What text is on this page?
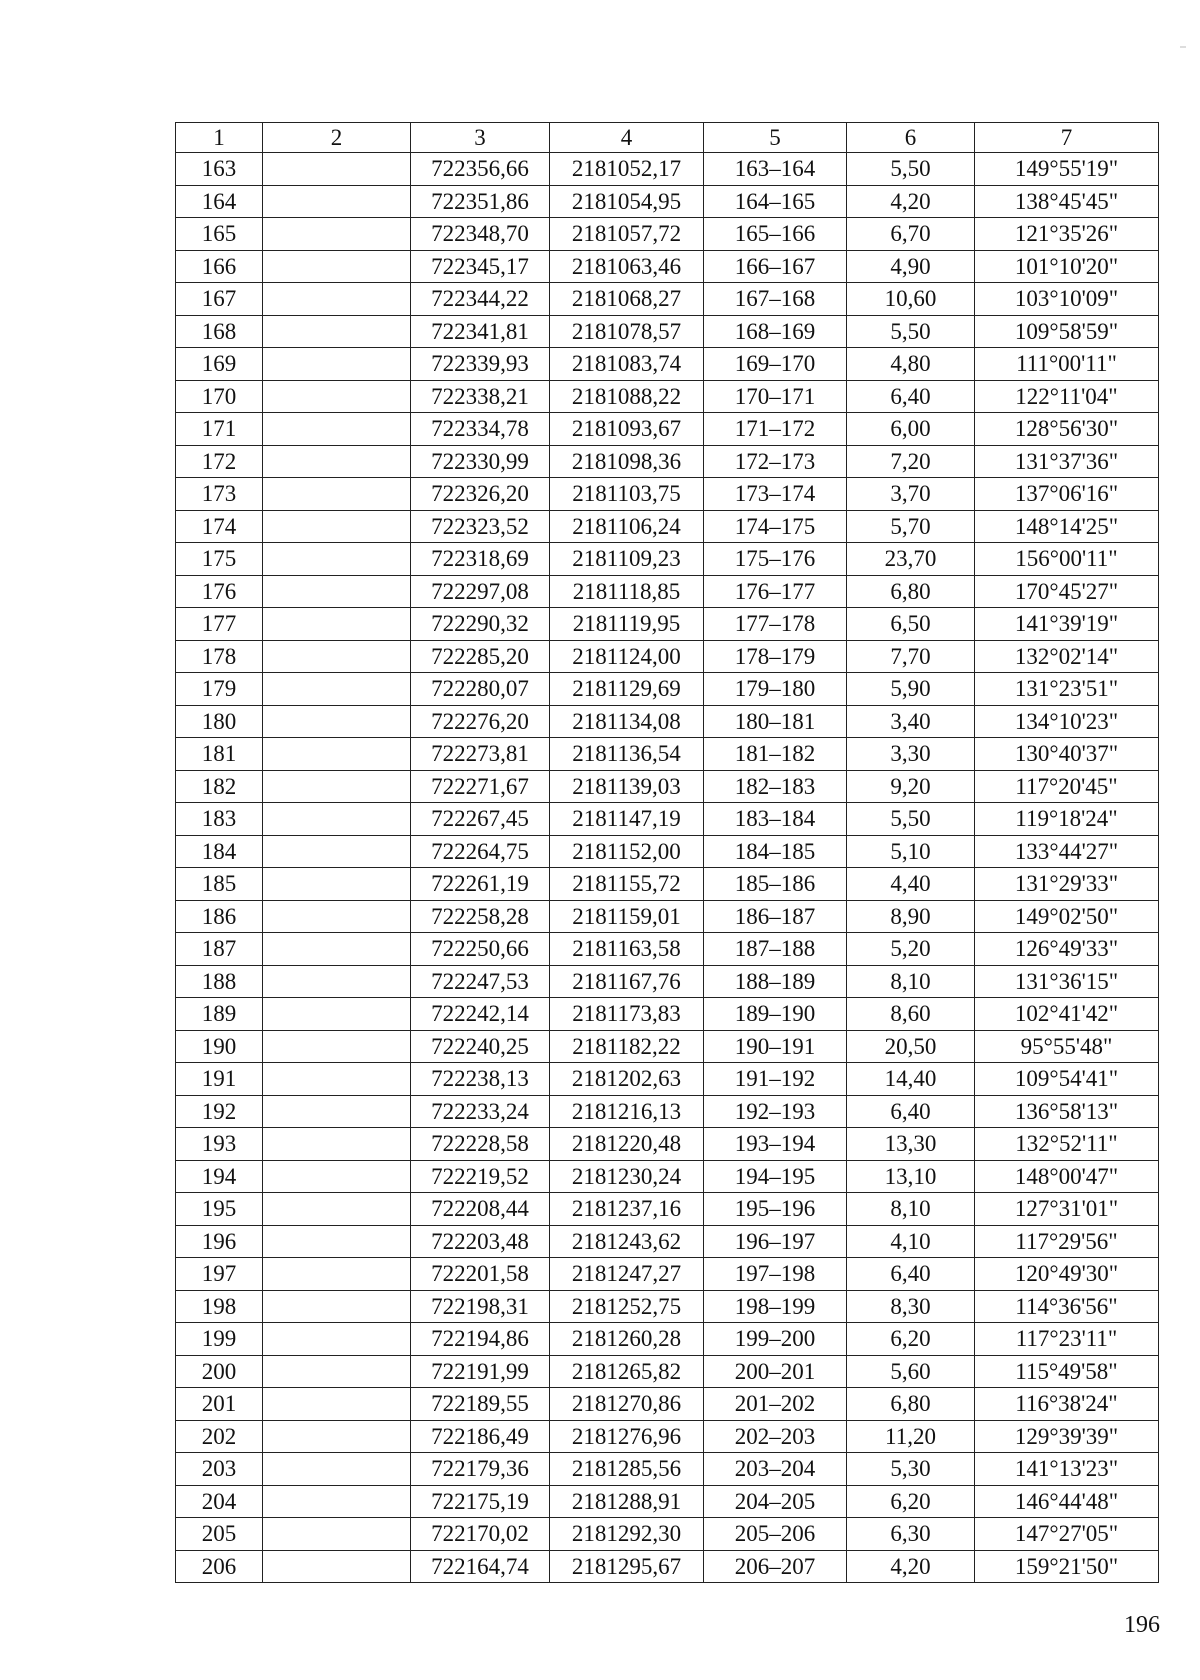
1	2	3	4	5	6	7
163		722356,66	2181052,17	163–164	5,50	149°55'19"
164		722351,86	2181054,95	164–165	4,20	138°45'45"
165		722348,70	2181057,72	165–166	6,70	121°35'26"
166		722345,17	2181063,46	166–167	4,90	101°10'20"
167		722344,22	2181068,27	167–168	10,60	103°10'09"
168		722341,81	2181078,57	168–169	5,50	109°58'59"
169		722339,93	2181083,74	169–170	4,80	111°00'11"
170		722338,21	2181088,22	170–171	6,40	122°11'04"
171		722334,78	2181093,67	171–172	6,00	128°56'30"
172		722330,99	2181098,36	172–173	7,20	131°37'36"
173		722326,20	2181103,75	173–174	3,70	137°06'16"
174		722323,52	2181106,24	174–175	5,70	148°14'25"
175		722318,69	2181109,23	175–176	23,70	156°00'11"
176		722297,08	2181118,85	176–177	6,80	170°45'27"
177		722290,32	2181119,95	177–178	6,50	141°39'19"
178		722285,20	2181124,00	178–179	7,70	132°02'14"
179		722280,07	2181129,69	179–180	5,90	131°23'51"
180		722276,20	2181134,08	180–181	3,40	134°10'23"
181		722273,81	2181136,54	181–182	3,30	130°40'37"
182		722271,67	2181139,03	182–183	9,20	117°20'45"
183		722267,45	2181147,19	183–184	5,50	119°18'24"
184		722264,75	2181152,00	184–185	5,10	133°44'27"
185		722261,19	2181155,72	185–186	4,40	131°29'33"
186		722258,28	2181159,01	186–187	8,90	149°02'50"
187		722250,66	2181163,58	187–188	5,20	126°49'33"
188		722247,53	2181167,76	188–189	8,10	131°36'15"
189		722242,14	2181173,83	189–190	8,60	102°41'42"
190		722240,25	2181182,22	190–191	20,50	95°55'48"
191		722238,13	2181202,63	191–192	14,40	109°54'41"
192		722233,24	2181216,13	192–193	6,40	136°58'13"
193		722228,58	2181220,48	193–194	13,30	132°52'11"
194		722219,52	2181230,24	194–195	13,10	148°00'47"
195		722208,44	2181237,16	195–196	8,10	127°31'01"
196		722203,48	2181243,62	196–197	4,10	117°29'56"
197		722201,58	2181247,27	197–198	6,40	120°49'30"
198		722198,31	2181252,75	198–199	8,30	114°36'56"
199		722194,86	2181260,28	199–200	6,20	117°23'11"
200		722191,99	2181265,82	200–201	5,60	115°49'58"
201		722189,55	2181270,86	201–202	6,80	116°38'24"
202		722186,49	2181276,96	202–203	11,20	129°39'39"
203		722179,36	2181285,56	203–204	5,30	141°13'23"
204		722175,19	2181288,91	204–205	6,20	146°44'48"
205		722170,02	2181292,30	205–206	6,30	147°27'05"
206		722164,74	2181295,67	206–207	4,20	159°21'50"
196
